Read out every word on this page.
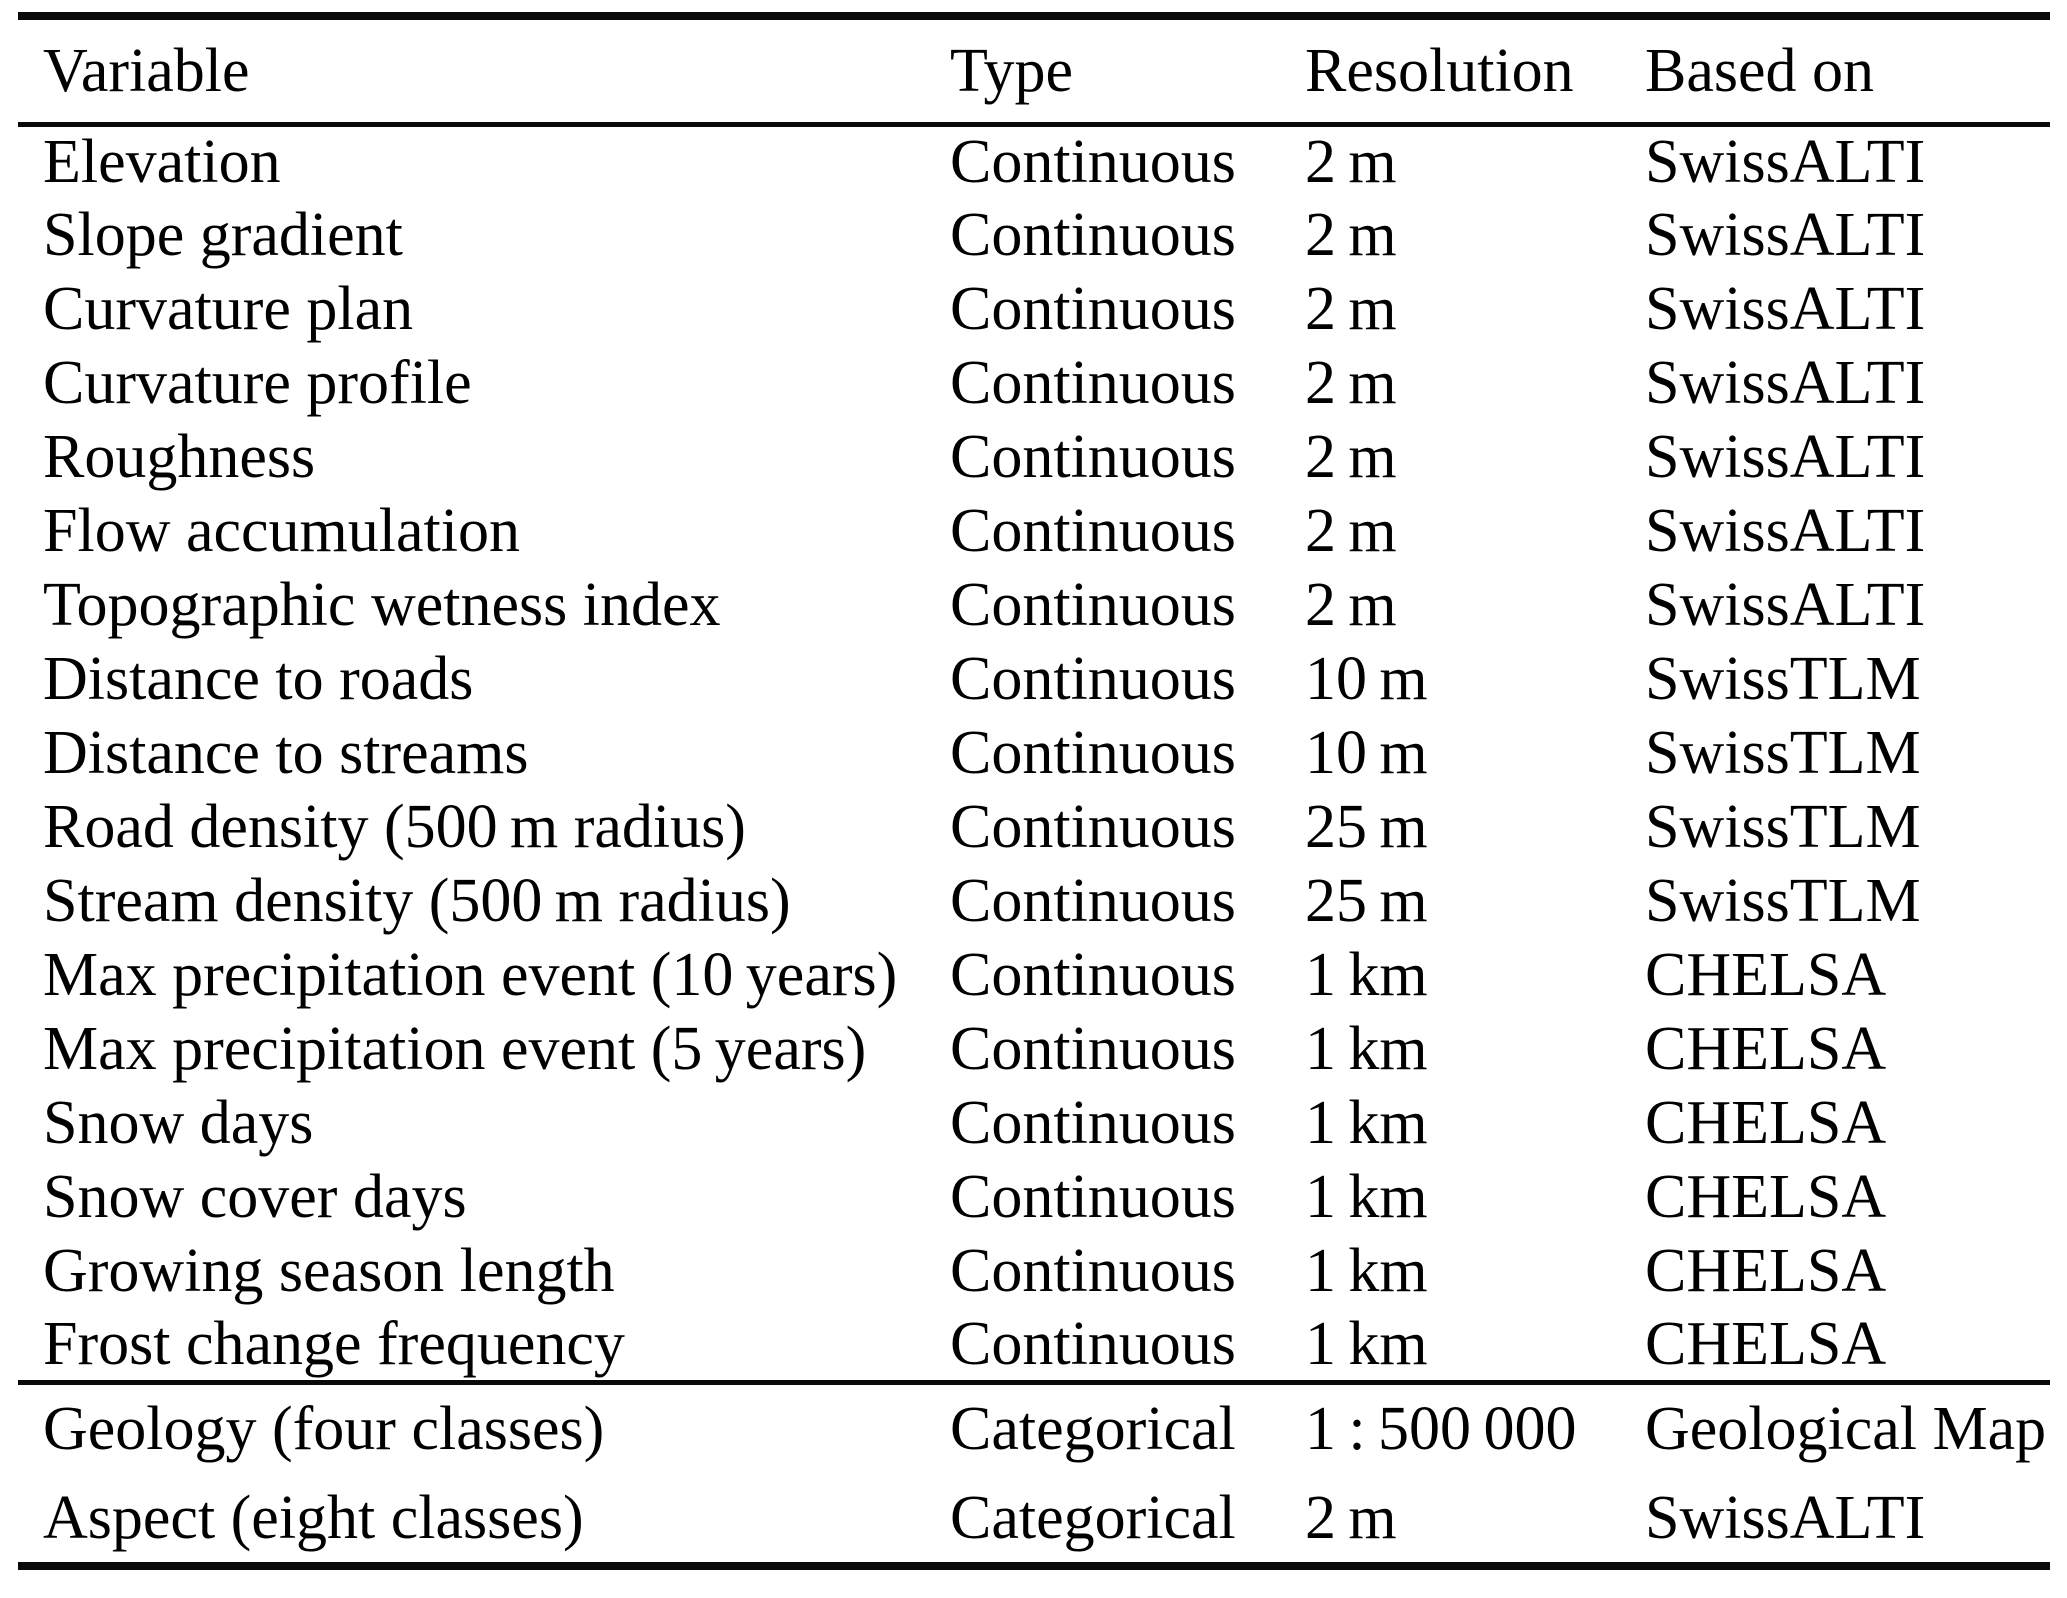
Variable	Type	Resolution	Based on
Elevation	Continuous	2 m	SwissALTI
Slope gradient	Continuous	2 m	SwissALTI
Curvature plan	Continuous	2 m	SwissALTI
Curvature profile	Continuous	2 m	SwissALTI
Roughness	Continuous	2 m	SwissALTI
Flow accumulation	Continuous	2 m	SwissALTI
Topographic wetness index	Continuous	2 m	SwissALTI
Distance to roads	Continuous	10 m	SwissTLM
Distance to streams	Continuous	10 m	SwissTLM
Road density (500 m radius)	Continuous	25 m	SwissTLM
Stream density (500 m radius)	Continuous	25 m	SwissTLM
Max precipitation event (10 years)	Continuous	1 km	CHELSA
Max precipitation event (5 years)	Continuous	1 km	CHELSA
Snow days	Continuous	1 km	CHELSA
Snow cover days	Continuous	1 km	CHELSA
Growing season length	Continuous	1 km	CHELSA
Frost change frequency	Continuous	1 km	CHELSA
Geology (four classes)	Categorical	1 : 500 000	Geological Map
Aspect (eight classes)	Categorical	2 m	SwissALTI
